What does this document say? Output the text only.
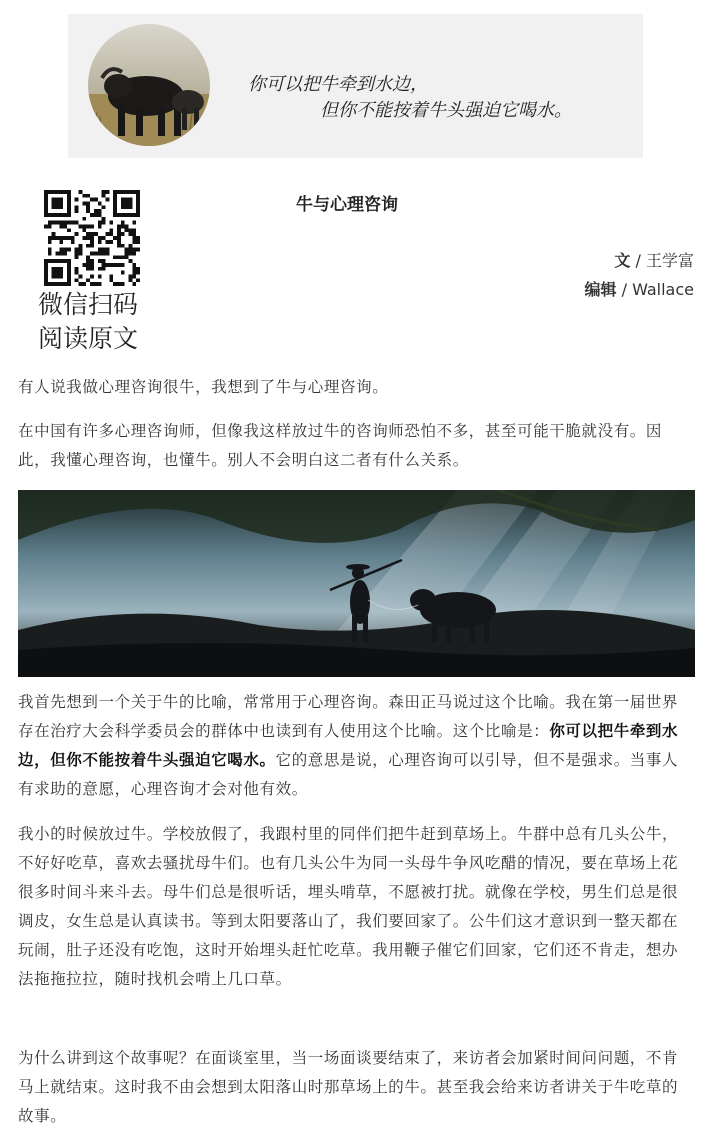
你可以把牛牵到水边，
但你不能按着牛头强迫它喝水。
微信扫码
阅读原文
牛与心理咨询
文 / 王学富
编辑 / Wallace

有人说我做心理咨询很牛，我想到了牛与心理咨询。

在中国有许多心理咨询师，但像我这样放过牛的咨询师恐怕不多，甚至可能干脆就没有。因此，我懂心理咨询，也懂牛。别人不会明白这二者有什么关系。

我首先想到一个关于牛的比喻，常常用于心理咨询。森田正马说过这个比喻。我在第一届世界存在治疗大会科学委员会的群体中也读到有人使用这个比喻。这个比喻是：你可以把牛牵到水边，但你不能按着牛头强迫它喝水。它的意思是说，心理咨询可以引导，但不是强求。当事人有求助的意愿，心理咨询才会对他有效。

我小的时候放过牛。学校放假了，我跟村里的同伴们把牛赶到草场上。牛群中总有几头公牛，不好好吃草，喜欢去骚扰母牛们。也有几头公牛为同一头母牛争风吃醋的情况，要在草场上花很多时间斗来斗去。母牛们总是很听话，埋头啃草，不愿被打扰。就像在学校，男生们总是很调皮，女生总是认真读书。等到太阳要落山了，我们要回家了。公牛们这才意识到一整天都在玩闹，肚子还没有吃饱，这时开始埋头赶忙吃草。我用鞭子催它们回家，它们还不肯走，想办法拖拖拉拉，随时找机会啃上几口草。

为什么讲到这个故事呢？在面谈室里，当一场面谈要结束了，来访者会加紧时间问问题，不肯马上就结束。这时我不由会想到太阳落山时那草场上的牛。甚至我会给来访者讲关于牛吃草的故事。
